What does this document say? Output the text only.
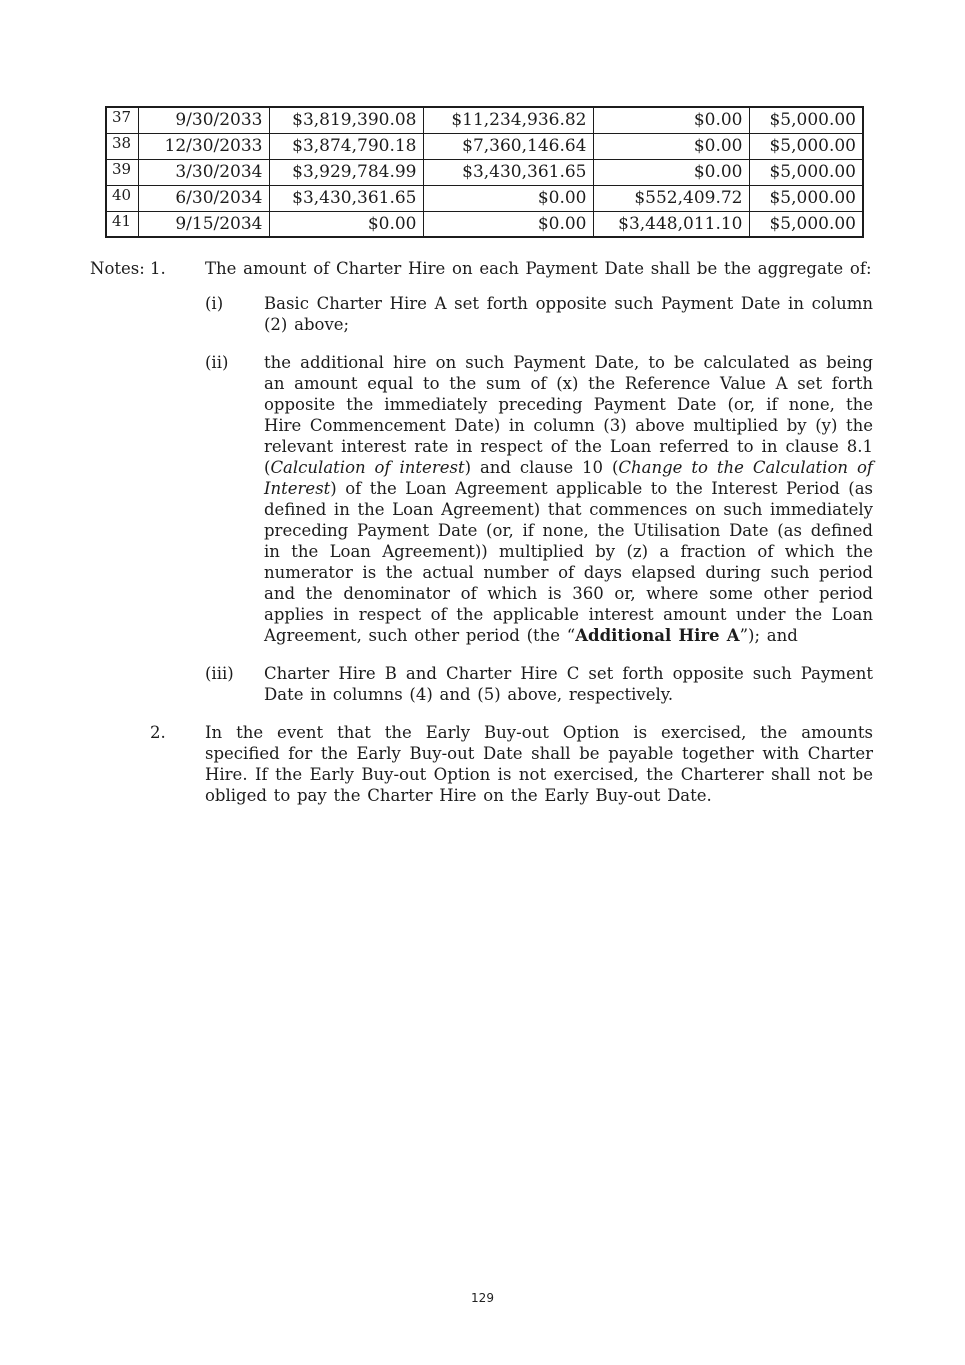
37	9/30/2033	$3,819,390.08	$11,234,936.82	$0.00	$5,000.00
38	12/30/2033	$3,874,790.18	$7,360,146.64	$0.00	$5,000.00
39	3/30/2034	$3,929,784.99	$3,430,361.65	$0.00	$5,000.00
40	6/30/2034	$3,430,361.65	$0.00	$552,409.72	$5,000.00
41	9/15/2034	$0.00	$0.00	$3,448,011.10	$5,000.00
Notes: 1. The amount of Charter Hire on each Payment Date shall be the aggregate of:
(i) Basic Charter Hire A set forth opposite such Payment Date in column (2) above;
(ii) the additional hire on such Payment Date, to be calculated as being an amount equal to the sum of (x) the Reference Value A set forth opposite the immediately preceding Payment Date (or, if none, the Hire Commencement Date) in column (3) above multiplied by (y) the relevant interest rate in respect of the Loan referred to in clause 8.1 (Calculation of interest) and clause 10 (Change to the Calculation of Interest) of the Loan Agreement applicable to the Interest Period (as defined in the Loan Agreement) that commences on such immediately preceding Payment Date (or, if none, the Utilisation Date (as defined in the Loan Agreement)) multiplied by (z) a fraction of which the numerator is the actual number of days elapsed during such period and the denominator of which is 360 or, where some other period applies in respect of the applicable interest amount under the Loan Agreement, such other period (the “Additional Hire A”); and
(iii) Charter Hire B and Charter Hire C set forth opposite such Payment Date in columns (4) and (5) above, respectively.
2. In the event that the Early Buy-out Option is exercised, the amounts specified for the Early Buy-out Date shall be payable together with Charter Hire. If the Early Buy-out Option is not exercised, the Charterer shall not be obliged to pay the Charter Hire on the Early Buy-out Date.
129
